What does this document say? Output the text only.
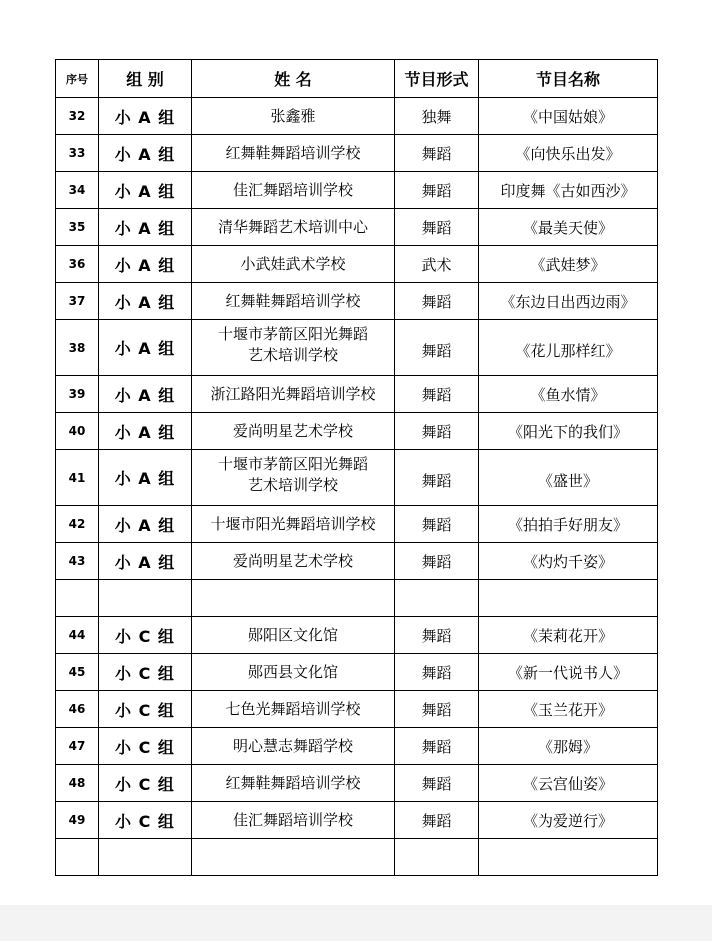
序号	组 别	姓 名	节目形式	节目名称
32	小 A 组	张鑫雅	独舞	《中国姑娘》
33	小 A 组	红舞鞋舞蹈培训学校	舞蹈	《向快乐出发》
34	小 A 组	佳汇舞蹈培训学校	舞蹈	印度舞《古如西沙》
35	小 A 组	清华舞蹈艺术培训中心	舞蹈	《最美天使》
36	小 A 组	小武娃武术学校	武术	《武娃梦》
37	小 A 组	红舞鞋舞蹈培训学校	舞蹈	《东边日出西边雨》
38	小 A 组	十堰市茅箭区阳光舞蹈
艺术培训学校	舞蹈	《花儿那样红》
39	小 A 组	浙江路阳光舞蹈培训学校	舞蹈	《鱼水情》
40	小 A 组	爱尚明星艺术学校	舞蹈	《阳光下的我们》
41	小 A 组	十堰市茅箭区阳光舞蹈
艺术培训学校	舞蹈	《盛世》
42	小 A 组	十堰市阳光舞蹈培训学校	舞蹈	《拍拍手好朋友》
43	小 A 组	爱尚明星艺术学校	舞蹈	《灼灼千姿》

44	小 C 组	郧阳区文化馆	舞蹈	《茉莉花开》
45	小 C 组	郧西县文化馆	舞蹈	《新一代说书人》
46	小 C 组	七色光舞蹈培训学校	舞蹈	《玉兰花开》
47	小 C 组	明心慧志舞蹈学校	舞蹈	《那姆》
48	小 C 组	红舞鞋舞蹈培训学校	舞蹈	《云宫仙姿》
49	小 C 组	佳汇舞蹈培训学校	舞蹈	《为爱逆行》
